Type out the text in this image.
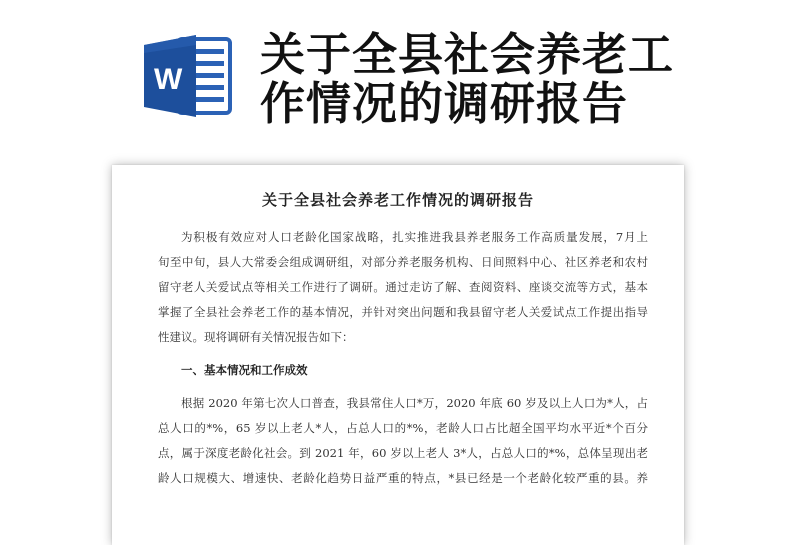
W 关于全县社会养老工
作情况的调研报告
关于全县社会养老工作情况的调研报告
为积极有效应对人口老龄化国家战略，扎实推进我县养老服务工作高质量发展，7月上
旬至中旬，县人大常委会组成调研组，对部分养老服务机构、日间照料中心、社区养老和农村
留守老人关爱试点等相关工作进行了调研。通过走访了解、查阅资料、座谈交流等方式，基本
掌握了全县社会养老工作的基本情况，并针对突出问题和我县留守老人关爱试点工作提出指导
性建议。现将调研有关情况报告如下：
一、基本情况和工作成效
根据 2020 年第七次人口普查，我县常住人口*万，2020 年底 60 岁及以上人口为*人，占
总人口的*%，65 岁以上老人*人，占总人口的*%，老龄人口占比超全国平均水平近*个百分
点，属于深度老龄化社会。到 2021 年，60 岁以上老人 3*人，占总人口的*%，总体呈现出老
龄人口规模大、增速快、老龄化趋势日益严重的特点，*县已经是一个老龄化较严重的县。养
